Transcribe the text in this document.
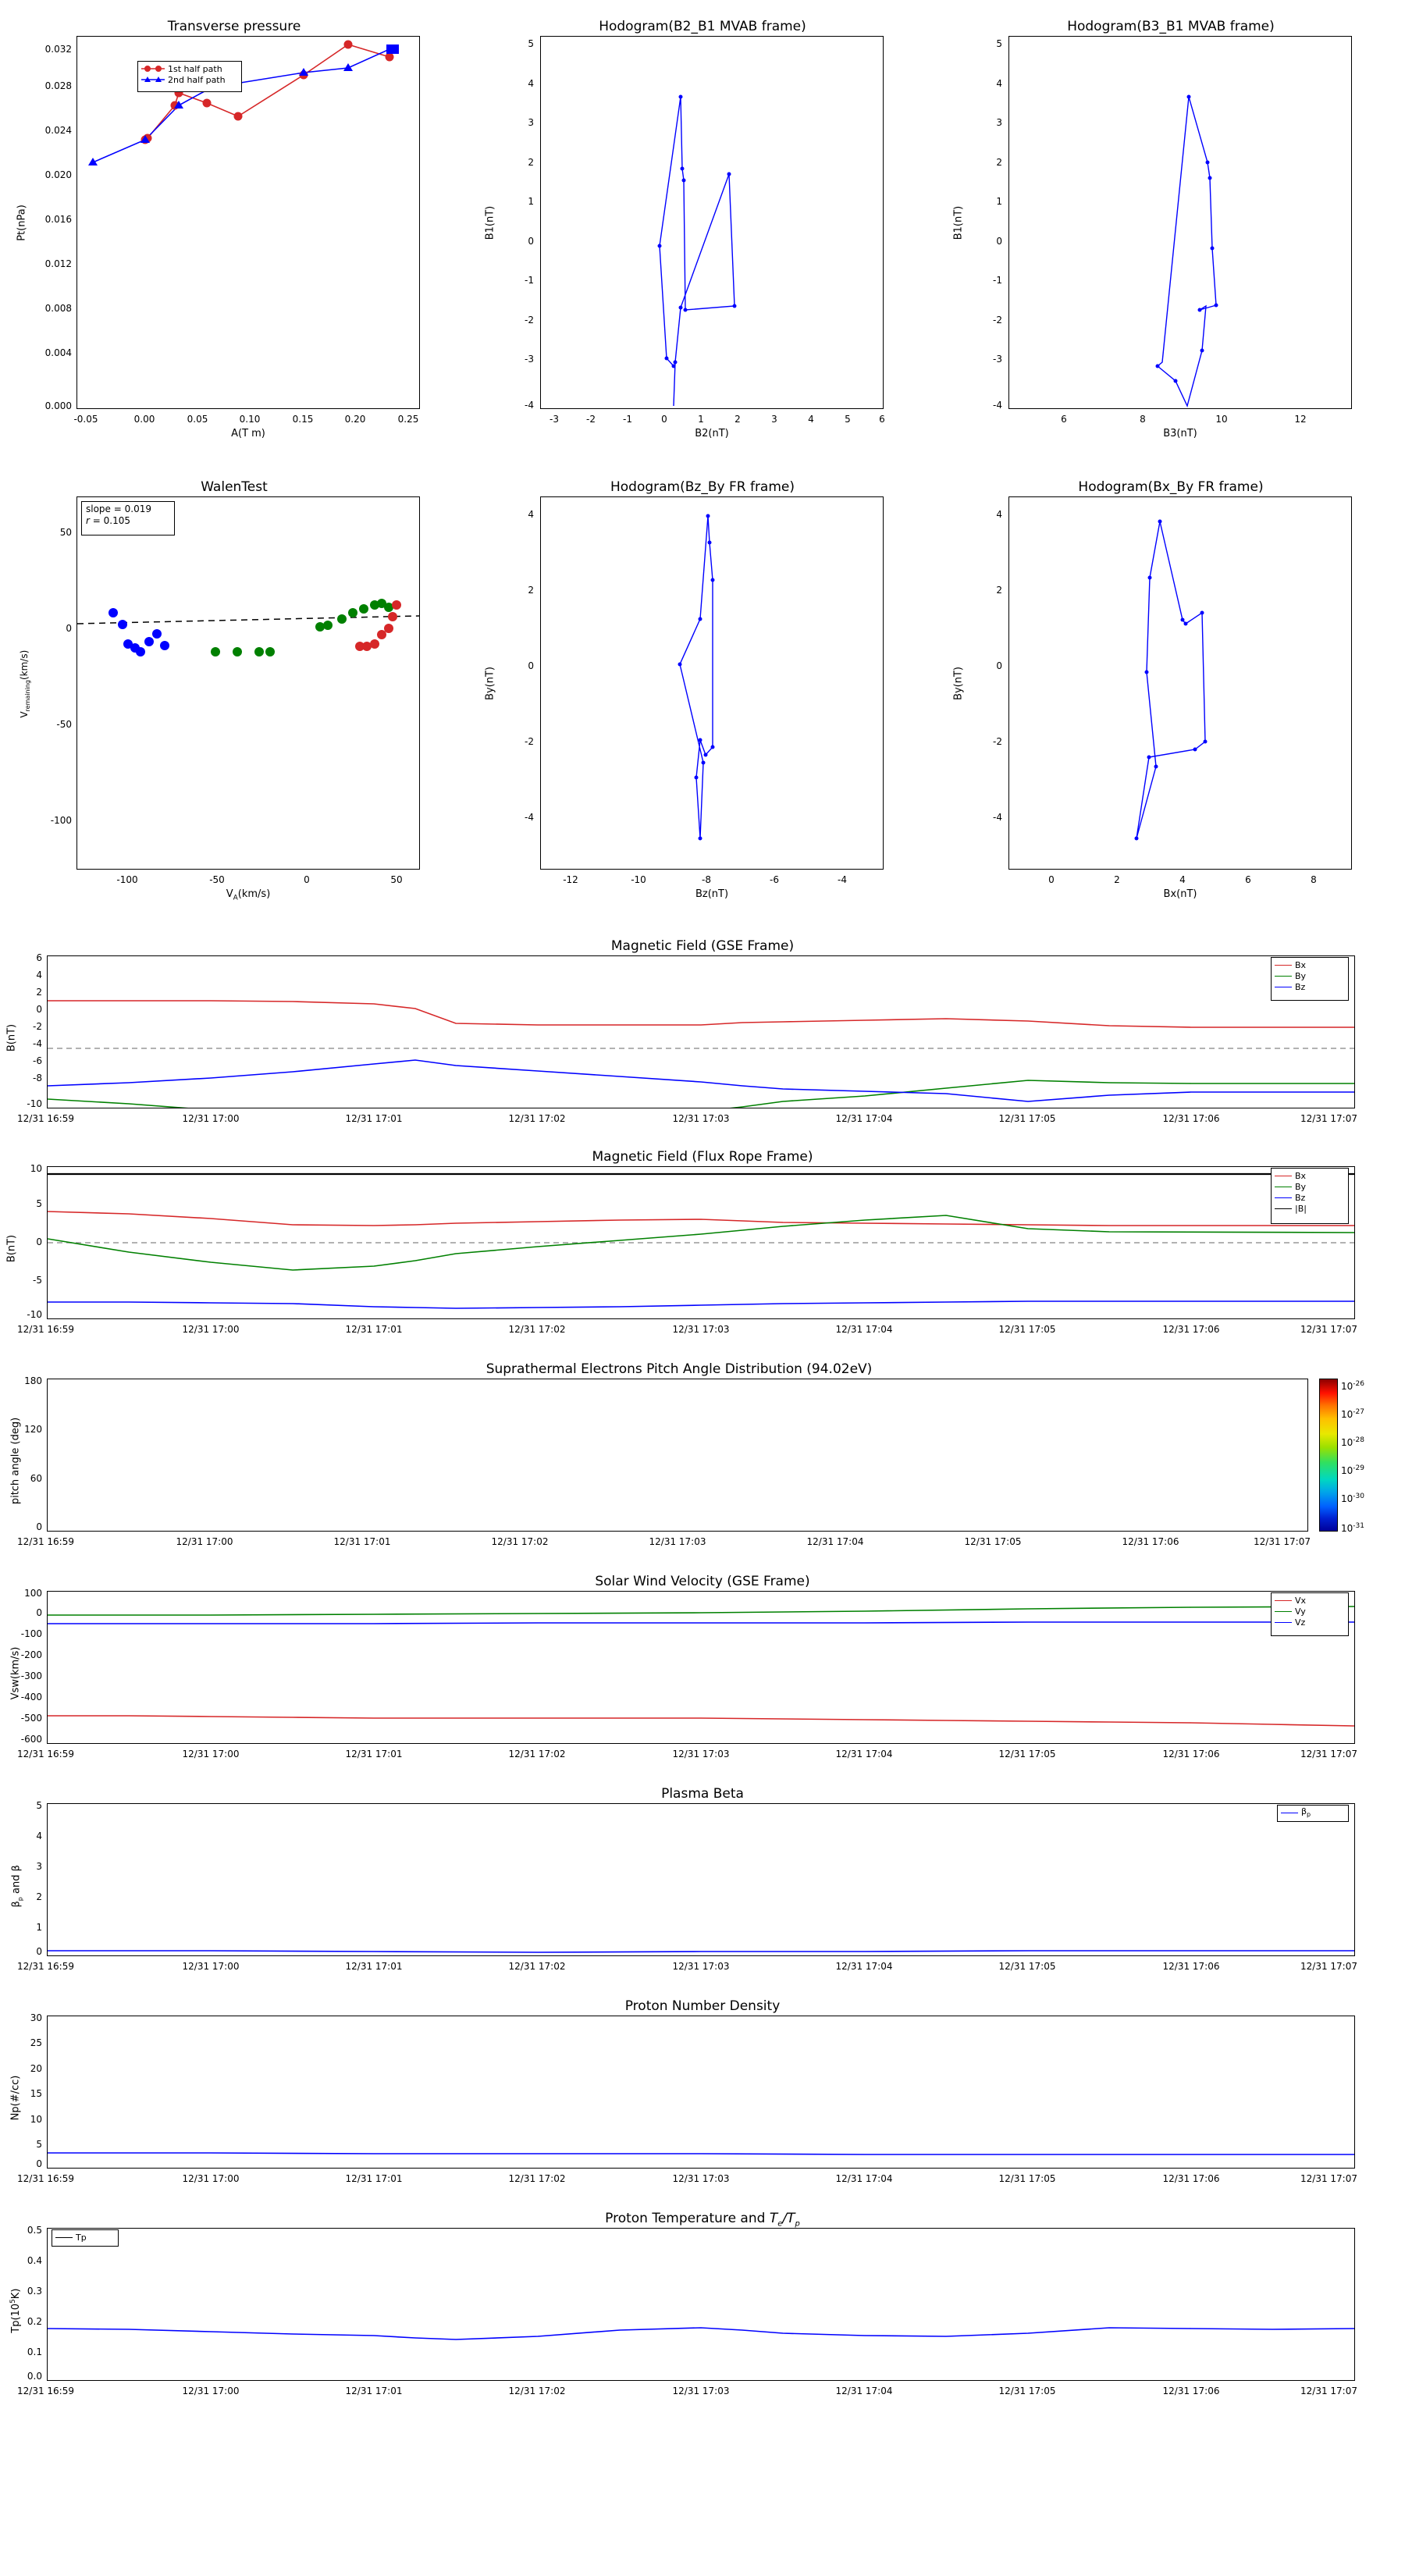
Transverse pressure
1st half path
2nd half path
0.032
0.028
0.024
0.020
0.016
0.012
0.008
0.004
0.000
-0.05	0.00	0.05	0.10	0.15	0.20	0.25
A(T m)
Pt(nPa)
Hodogram(B2_B1 MVAB frame)
5
4
3
2
1
0
-1
-2
-3
-4
-3	-2	-1	0	1	2	3	4	5	6
B2(nT)
B1(nT)
Hodogram(B3_B1 MVAB frame)
5
4
3
2
1
0
-1
-2
-3
-4
6	8	10	12
B3(nT)
B1(nT)
WalenTest
slope = 0.019
r = 0.105
50
0
-50
-100
-100	-50	0	50
$V_A(km/s)$
$V_{remaining}(km/s)$
Hodogram(Bz_By FR frame)
4
2
0
-2
-4
-12	-10	-8	-6	-4
Bz(nT)
By(nT)
Hodogram(Bx_By FR frame)
4
2
0
-2
-4
0	2	4	6	8
Bx(nT)
By(nT)
Magnetic Field (GSE Frame)
Bx
By
Bz
6
4
2
0
-2
-4
-6
-8
-10
B(nT)
12/31 16:59	12/31 17:00	12/31 17:01	12/31 17:02	12/31 17:03	12/31 17:04	12/31 17:05	12/31 17:06	12/31 17:07
Magnetic Field (Flux Rope Frame)
Bx
By
Bz
|B|
10
5
0
-5
-10
B(nT)
12/31 16:59	12/31 17:00	12/31 17:01	12/31 17:02	12/31 17:03	12/31 17:04	12/31 17:05	12/31 17:06	12/31 17:07
Suprathermal Electrons Pitch Angle Distribution (94.02eV)
$10^{-26}$
$10^{-27}$
$10^{-28}$
$10^{-29}$
$10^{-30}$
$10^{-31}$
180
120
60
0
pitch angle (deg)
12/31 16:59	12/31 17:00	12/31 17:01	12/31 17:02	12/31 17:03	12/31 17:04	12/31 17:05	12/31 17:06	12/31 17:07
Solar Wind Velocity (GSE Frame)
Vx
Vy
Vz
100
0
-100
-200
-300
-400
-500
-600
Vsw(km/s)
12/31 16:59	12/31 17:00	12/31 17:01	12/31 17:02	12/31 17:03	12/31 17:04	12/31 17:05	12/31 17:06	12/31 17:07
Plasma Beta
$\beta_p$
5
4
3
2
1
0
$\beta_p$ and β
12/31 16:59	12/31 17:00	12/31 17:01	12/31 17:02	12/31 17:03	12/31 17:04	12/31 17:05	12/31 17:06	12/31 17:07
Proton Number Density
30
25
20
15
10
5
0
Np(#/cc)
12/31 16:59	12/31 17:00	12/31 17:01	12/31 17:02	12/31 17:03	12/31 17:04	12/31 17:05	12/31 17:06	12/31 17:07
Proton Temperature and $T_e/T_p$
Tp
0.5
0.4
0.3
0.2
0.1
0.0
$Tp(10^5K)$
12/31 16:59	12/31 17:00	12/31 17:01	12/31 17:02	12/31 17:03	12/31 17:04	12/31 17:05	12/31 17:06	12/31 17:07
